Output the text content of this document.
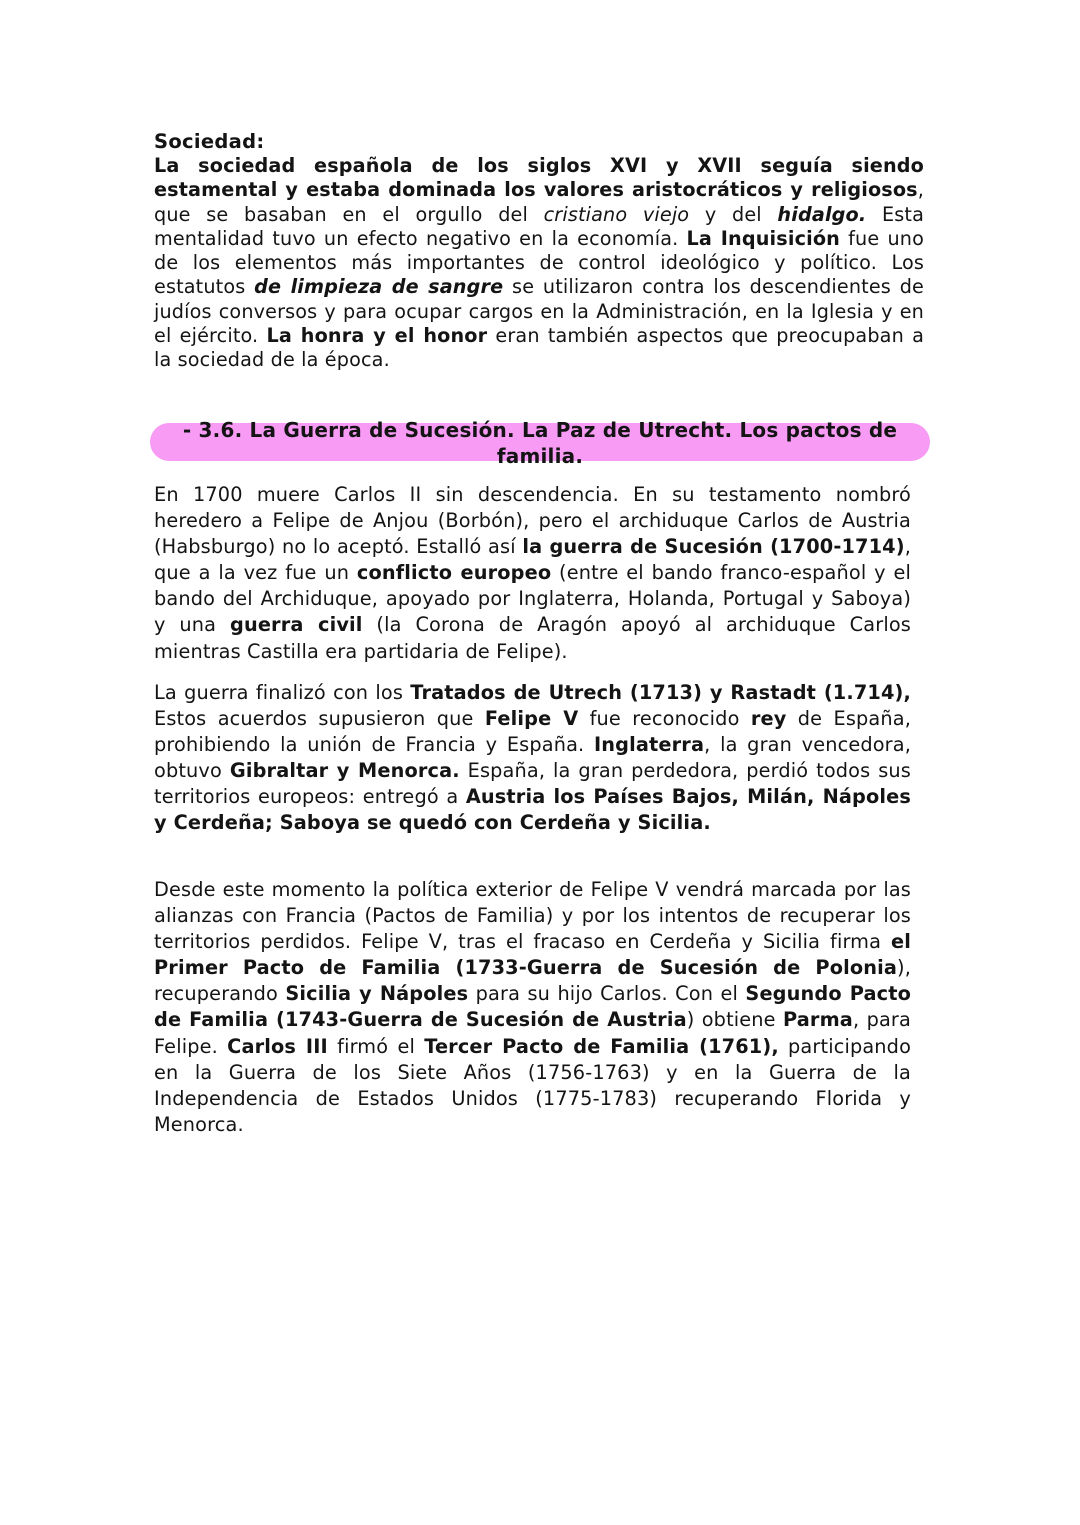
Sociedad:

La sociedad española de los siglos XVI y XVII seguía siendo estamental y estaba dominada los valores aristocráticos y religiosos, que se basaban en el orgullo del cristiano viejo y del hidalgo. Esta mentalidad tuvo un efecto negativo en la economía. La Inquisición fue uno de los elementos más importantes de control ideológico y político. Los estatutos de limpieza de sangre se utilizaron contra los descendientes de judíos conversos y para ocupar cargos en la Administración, en la Iglesia y en el ejército. La honra y el honor eran también aspectos que preocupaban a la sociedad de la época.

- 3.6. La Guerra de Sucesión. La Paz de Utrecht. Los pactos de familia.

En 1700 muere Carlos II sin descendencia. En su testamento nombró heredero a Felipe de Anjou (Borbón), pero el archiduque Carlos de Austria (Habsburgo) no lo aceptó. Estalló así la guerra de Sucesión (1700-1714), que a la vez fue un conflicto europeo (entre el bando franco-español y el bando del Archiduque, apoyado por Inglaterra, Holanda, Portugal y Saboya) y una guerra civil (la Corona de Aragón apoyó al archiduque Carlos mientras Castilla era partidaria de Felipe).

La guerra finalizó con los Tratados de Utrech (1713) y Rastadt (1.714), Estos acuerdos supusieron que Felipe V fue reconocido rey de España, prohibiendo la unión de Francia y España. Inglaterra, la gran vencedora, obtuvo Gibraltar y Menorca. España, la gran perdedora, perdió todos sus territorios europeos: entregó a Austria los Países Bajos, Milán, Nápoles y Cerdeña; Saboya se quedó con Cerdeña y Sicilia.

Desde este momento la política exterior de Felipe V vendrá marcada por las alianzas con Francia (Pactos de Familia) y por los intentos de recuperar los territorios perdidos. Felipe V, tras el fracaso en Cerdeña y Sicilia firma el Primer Pacto de Familia (1733-Guerra de Sucesión de Polonia), recuperando Sicilia y Nápoles para su hijo Carlos. Con el Segundo Pacto de Familia (1743-Guerra de Sucesión de Austria) obtiene Parma, para Felipe. Carlos III firmó el Tercer Pacto de Familia (1761), participando en la Guerra de los Siete Años (1756-1763) y en la Guerra de la Independencia de Estados Unidos (1775-1783) recuperando Florida y Menorca.
